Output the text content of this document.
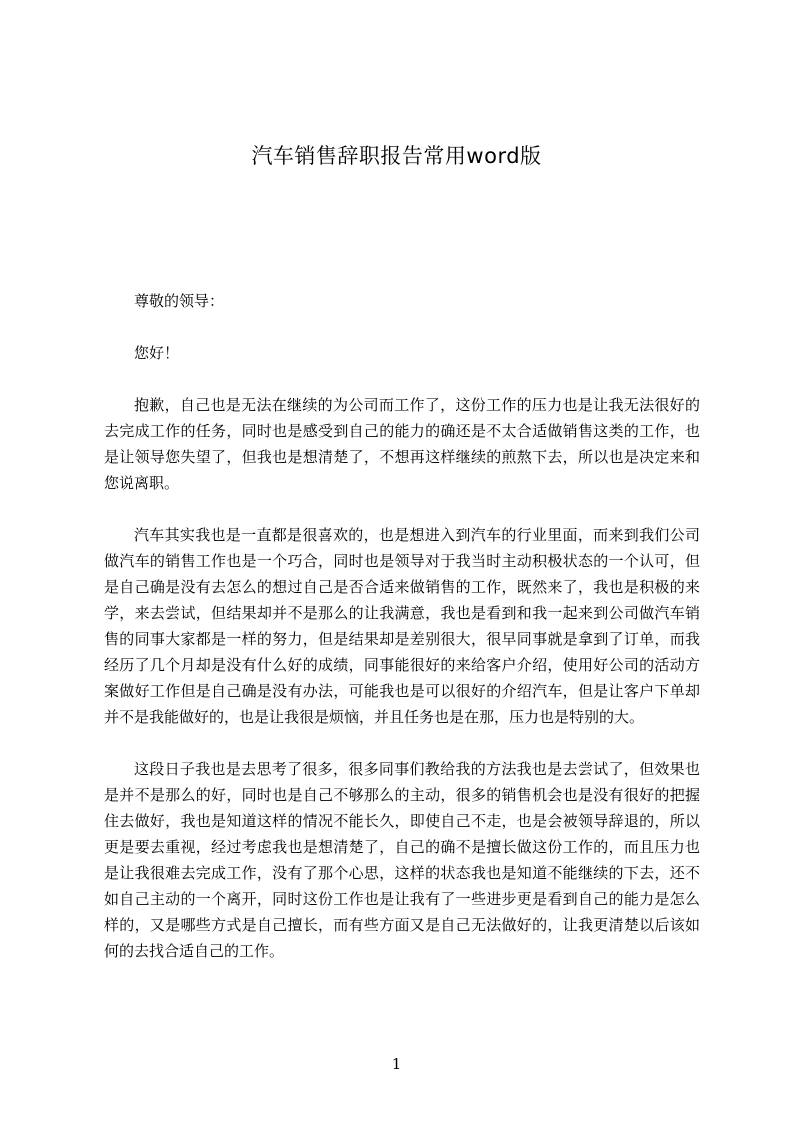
汽车销售辞职报告常用word版

尊敬的领导：

您好！

抱歉，自己也是无法在继续的为公司而工作了，这份工作的压力也是让我无法很好的去完成工作的任务，同时也是感受到自己的能力的确还是不太合适做销售这类的工作，也是让领导您失望了，但我也是想清楚了，不想再这样继续的煎熬下去，所以也是决定来和您说离职。

汽车其实我也是一直都是很喜欢的，也是想进入到汽车的行业里面，而来到我们公司做汽车的销售工作也是一个巧合，同时也是领导对于我当时主动积极状态的一个认可，但是自己确是没有去怎么的想过自己是否合适来做销售的工作，既然来了，我也是积极的来学，来去尝试，但结果却并不是那么的让我满意，我也是看到和我一起来到公司做汽车销售的同事大家都是一样的努力，但是结果却是差别很大，很早同事就是拿到了订单，而我经历了几个月却是没有什么好的成绩，同事能很好的来给客户介绍，使用好公司的活动方案做好工作但是自己确是没有办法，可能我也是可以很好的介绍汽车，但是让客户下单却并不是我能做好的，也是让我很是烦恼，并且任务也是在那，压力也是特别的大。

这段日子我也是去思考了很多，很多同事们教给我的方法我也是去尝试了，但效果也是并不是那么的好，同时也是自己不够那么的主动，很多的销售机会也是没有很好的把握住去做好，我也是知道这样的情况不能长久，即使自己不走，也是会被领导辞退的，所以更是要去重视，经过考虑我也是想清楚了，自己的确不是擅长做这份工作的，而且压力也是让我很难去完成工作，没有了那个心思，这样的状态我也是知道不能继续的下去，还不如自己主动的一个离开，同时这份工作也是让我有了一些进步更是看到自己的能力是怎么样的，又是哪些方式是自己擅长，而有些方面又是自己无法做好的，让我更清楚以后该如何的去找合适自己的工作。

1
